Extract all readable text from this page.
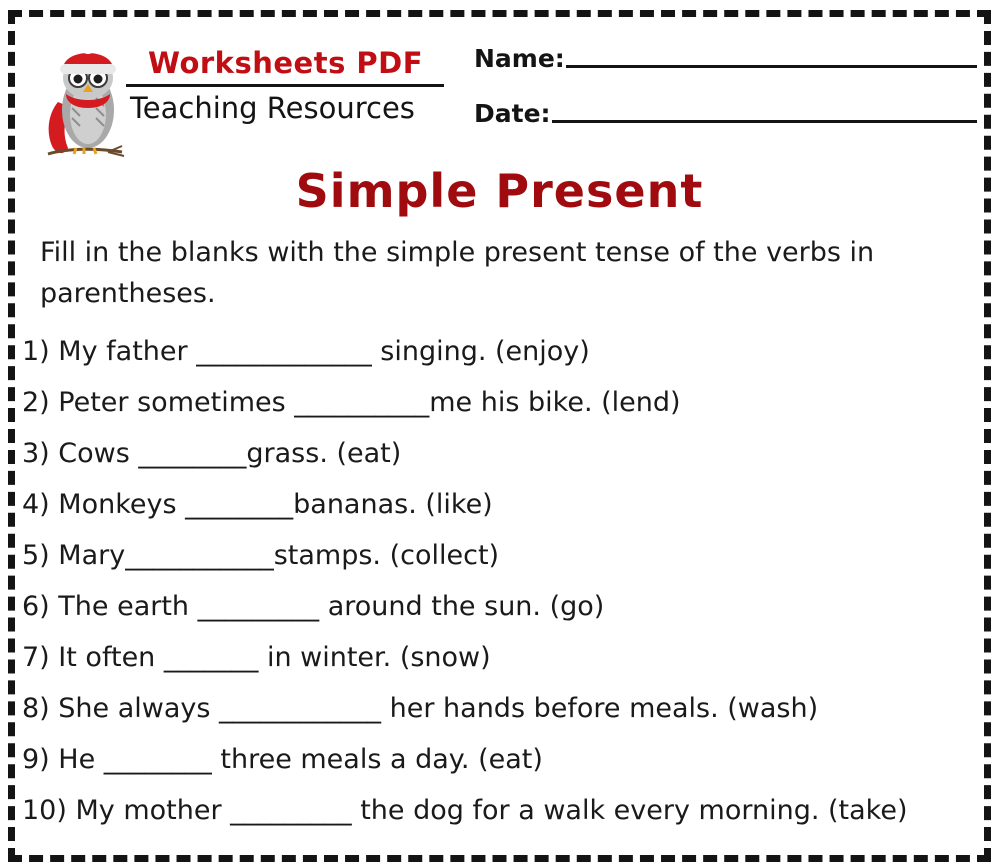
Worksheets PDF
Teaching Resources
Name:
Date:
Simple Present
Fill in the blanks with the simple present tense of the verbs in parentheses.
1) My father _____________ singing. (enjoy)
2) Peter sometimes __________me his bike. (lend)
3) Cows ________grass. (eat)
4) Monkeys ________bananas. (like)
5) Mary___________stamps. (collect)
6) The earth _________ around the sun. (go)
7) It often _______ in winter. (snow)
8) She always ____________ her hands before meals. (wash)
9) He ________ three meals a day. (eat)
10) My mother _________ the dog for a walk every morning. (take)
